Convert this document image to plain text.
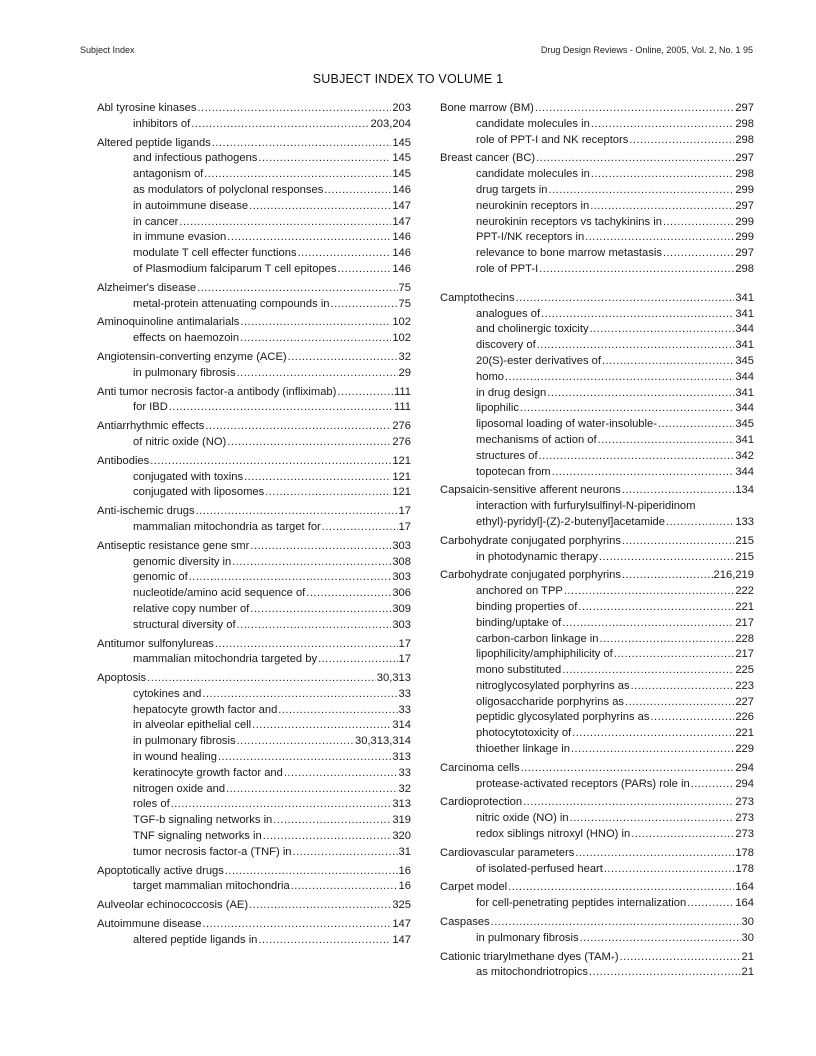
Subject Index	Drug Design Reviews - Online, 2005, Vol. 2, No. 1 95
SUBJECT INDEX TO VOLUME 1
Abl tyrosine kinases .....	203
inhibitors of .....	203,204
Altered peptide ligands .....	145
and infectious pathogens .....	145
antagonism of .....	145
as modulators of polyclonal responses .....	146
in autoimmune disease .....	147
in cancer .....	147
in immune evasion .....	146
modulate T cell effecter functions .....	146
of Plasmodium falciparum T cell epitopes .....	146
Alzheimer's disease .....	75
metal-protein attenuating compounds in .....	75
Aminoquinoline antimalarials .....	102
effects on haemozoin .....	102
Angiotensin-converting enzyme (ACE) .....	32
in pulmonary fibrosis .....	29
Anti tumor necrosis factor-a antibody (infliximab) .....	111
for IBD .....	111
Antiarrhythmic effects .....	276
of nitric oxide (NO) .....	276
Antibodies .....	121
conjugated with toxins .....	121
conjugated with liposomes .....	121
Anti-ischemic drugs .....	17
mammalian mitochondria as target for .....	17
Antiseptic resistance gene smr .....	303
genomic diversity in .....	308
genomic of .....	303
nucleotide/amino acid sequence of .....	306
relative copy number of .....	309
structural diversity of .....	303
Antitumor sulfonylureas .....	17
mammalian mitochondria targeted by .....	17
Apoptosis .....	30,313
cytokines and .....	33
hepatocyte growth factor and .....	33
in alveolar epithelial cell .....	314
in pulmonary fibrosis .....	30,313,314
in wound healing .....	313
keratinocyte growth factor and .....	33
nitrogen oxide and .....	32
roles of .....	313
TGF-b signaling networks in .....	319
TNF signaling networks in .....	320
tumor necrosis factor-a (TNF) in .....	31
Apoptotically active drugs .....	16
target mammalian mitochondria .....	16
Aulveolar echinococcosis (AE) .....	325
Autoimmune disease .....	147
altered peptide ligands in .....	147
Bone marrow (BM) .....	297
candidate molecules in .....	298
role of PPT-I and NK receptors .....	298
Breast cancer (BC) .....	297
candidate molecules in .....	298
drug targets in .....	299
neurokinin receptors in .....	297
neurokinin receptors vs tachykinins in .....	299
PPT-I/NK receptors in .....	299
relevance to bone marrow metastasis .....	297
role of PPT-I .....	298
Camptothecins .....	341
analogues of .....	341
and cholinergic toxicity .....	344
discovery of .....	341
20(S)-ester derivatives of .....	345
homo .....	344
in drug design .....	341
lipophilic .....	344
liposomal loading of water-insoluble- .....	345
mechanisms of action of .....	341
structures of .....	342
topotecan from .....	344
Capsaicin-sensitive afferent neurons .....	134
interaction with furfurylsulfinyl-N-piperidinom
ethyl)-pyridyl]-(Z)-2-butenyl]acetamide .....	133
Carbohydrate conjugated porphyrins .....	215
in photodynamic therapy .....	215
Carbohydrate conjugated porphyrins .....	216,219
anchored on TPP .....	222
binding properties of .....	221
binding/uptake of .....	217
carbon-carbon linkage in .....	228
lipophilicity/amphiphilicity of .....	217
mono substituted .....	225
nitroglycosylated porphyrins as .....	223
oligosaccharide porphyrins as .....	227
peptidic glycosylated porphyrins as .....	226
photocytotoxicity of .....	221
thioether linkage in .....	229
Carcinoma cells .....	294
protease-activated receptors (PARs) role in .....	294
Cardioprotection .....	273
nitric oxide (NO) in .....	273
redox siblings nitroxyl (HNO) in .....	273
Cardiovascular parameters .....	178
of isolated-perfused heart .....	178
Carpet model .....	164
for cell-penetrating peptides internalization .....	164
Caspases .....	30
in pulmonary fibrosis .....	30
Cationic triarylmethane dyes (TAM + ) .....	21
as mitochondriotropics .....	21
